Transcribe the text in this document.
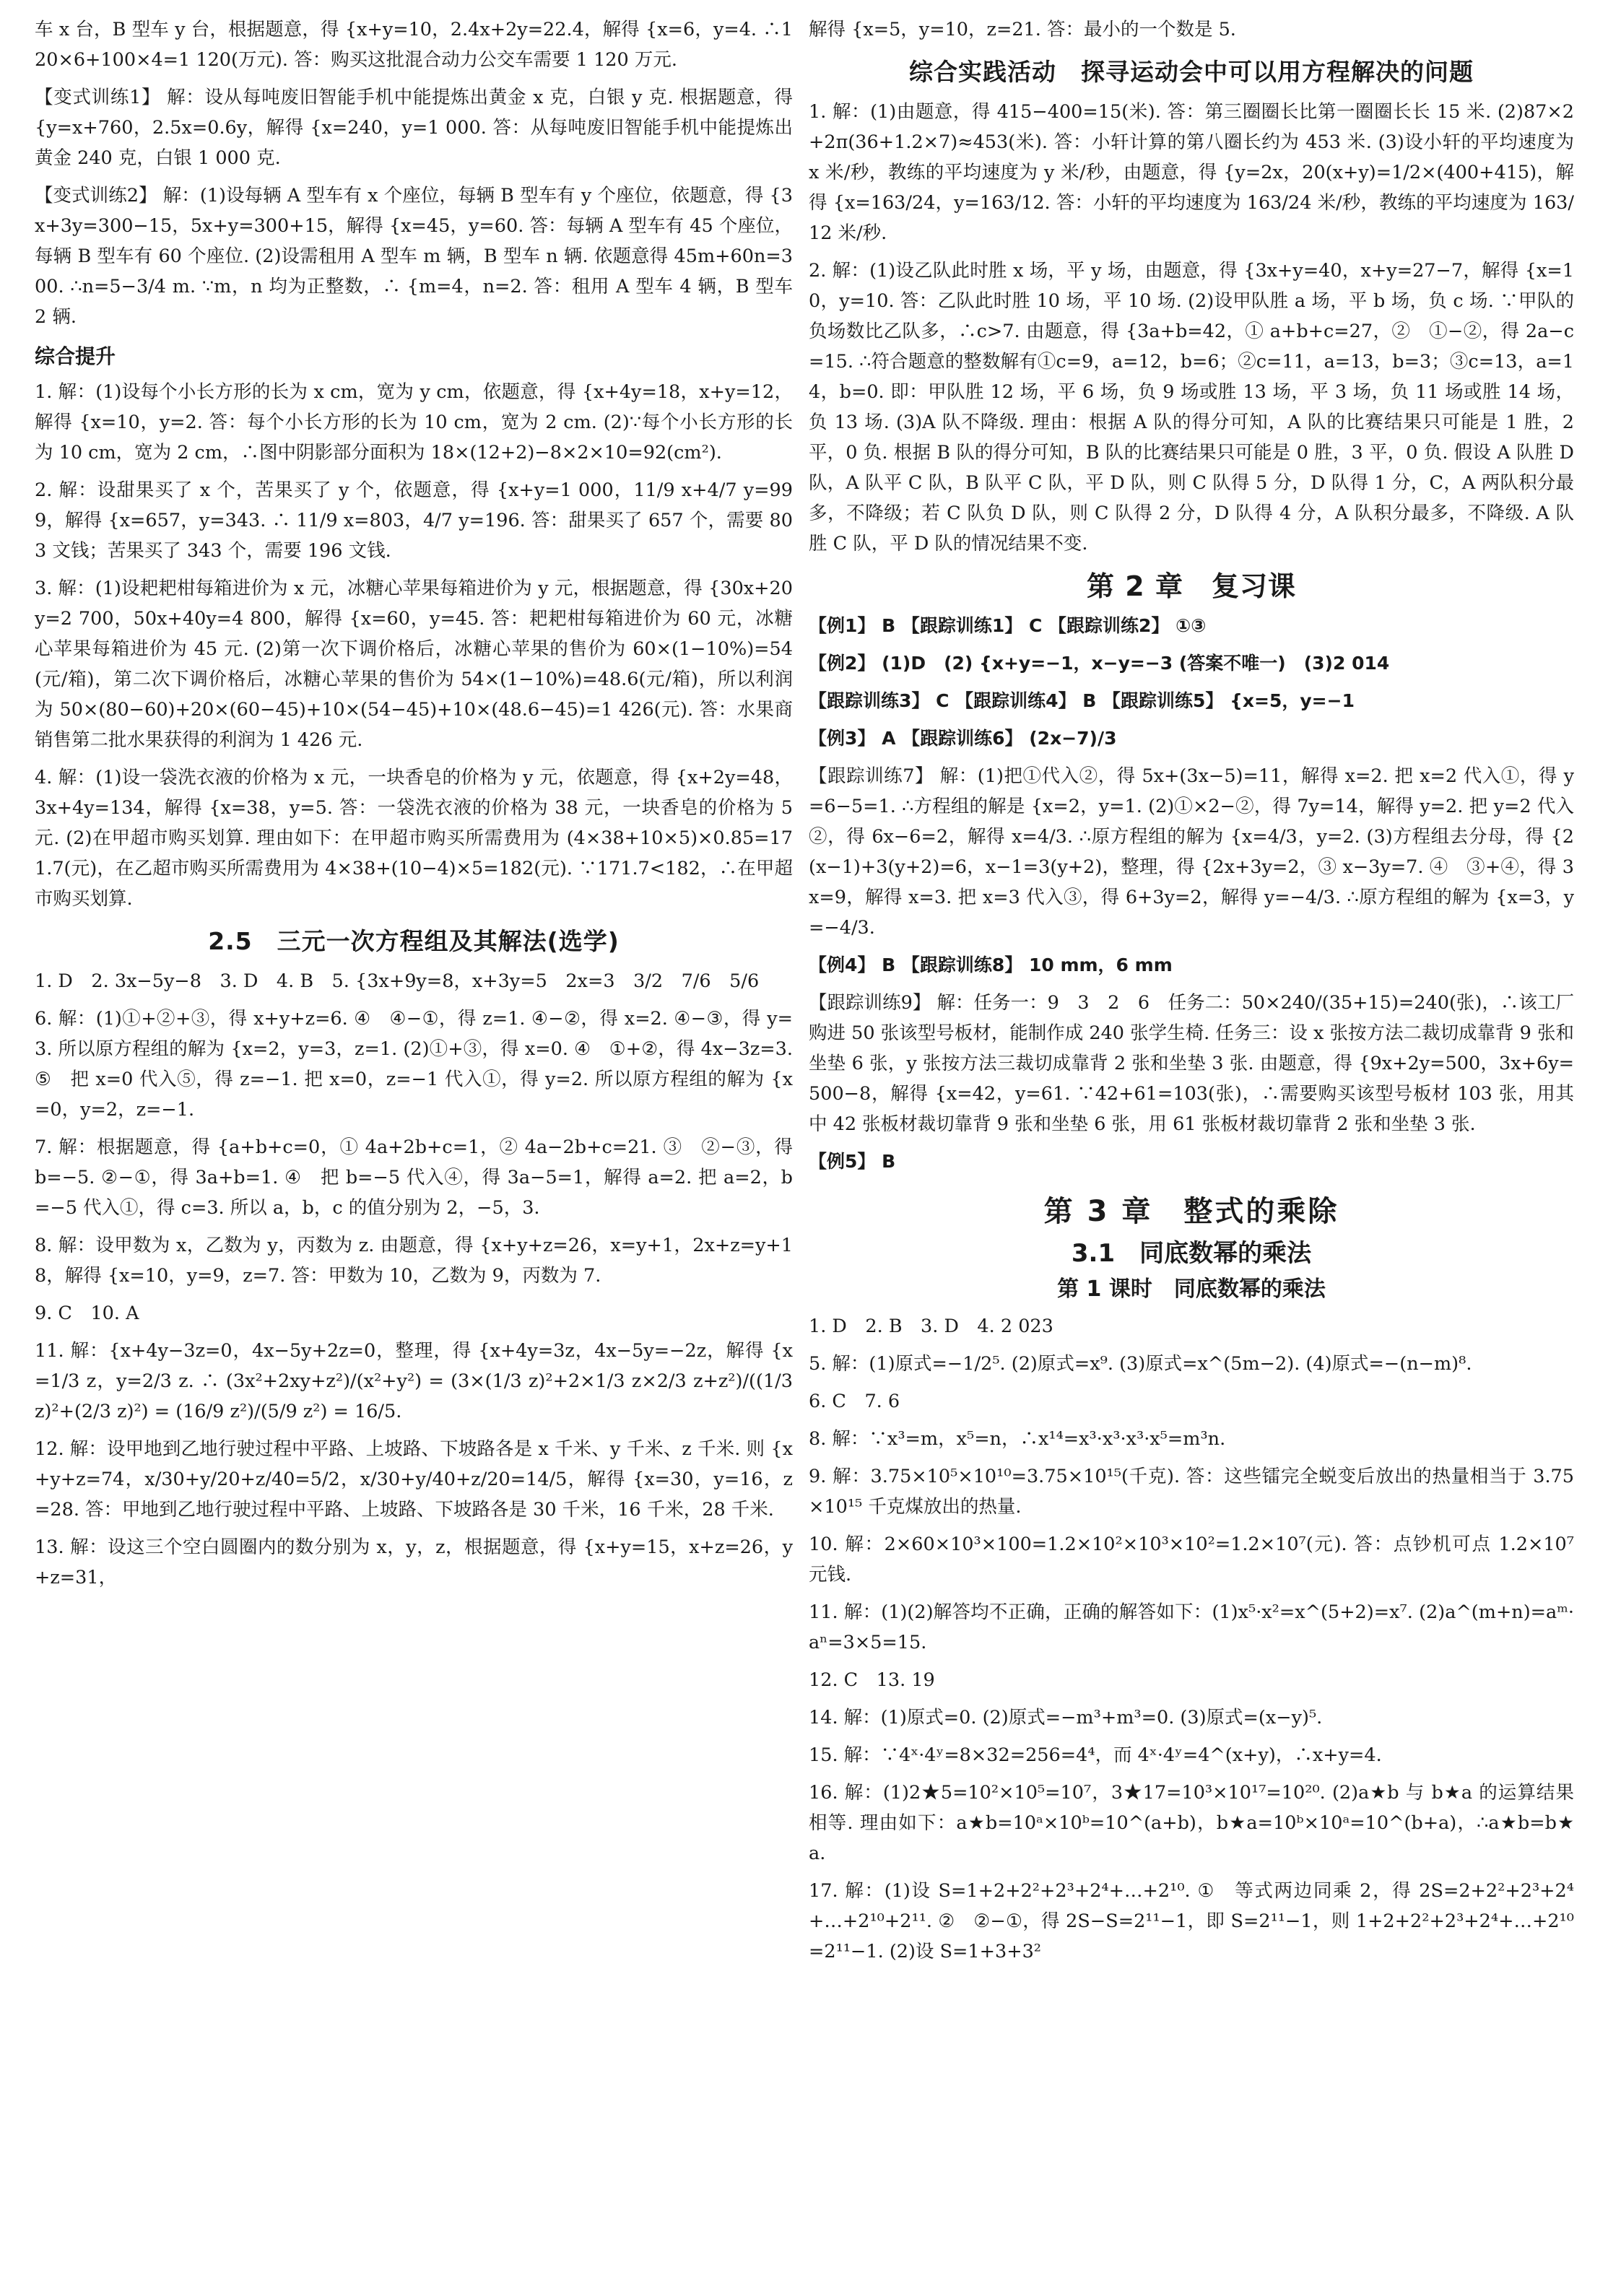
车 x 台，B 型车 y 台，根据题意，得 {x+y=10，2.4x+2y=22.4，解得 {x=6，y=4. ∴120×6+100×4=1 120(万元). 答：购买这批混合动力公交车需要 1 120 万元.

【变式训练1】 解：设从每吨废旧智能手机中能提炼出黄金 x 克，白银 y 克. 根据题意，得 {y=x+760，2.5x=0.6y，解得 {x=240，y=1 000. 答：从每吨废旧智能手机中能提炼出黄金 240 克，白银 1 000 克.

【变式训练2】 解：(1)设每辆 A 型车有 x 个座位，每辆 B 型车有 y 个座位，依题意，得 {3x+3y=300−15，5x+y=300+15，解得 {x=45，y=60. 答：每辆 A 型车有 45 个座位，每辆 B 型车有 60 个座位. (2)设需租用 A 型车 m 辆，B 型车 n 辆. 依题意得 45m+60n=300. ∴n=5−3/4 m. ∵m，n 均为正整数，∴ {m=4，n=2. 答：租用 A 型车 4 辆，B 型车 2 辆.

综合提升

1. 解：(1)设每个小长方形的长为 x cm，宽为 y cm，依题意，得 {x+4y=18，x+y=12，解得 {x=10，y=2. 答：每个小长方形的长为 10 cm，宽为 2 cm. (2)∵每个小长方形的长为 10 cm，宽为 2 cm，∴图中阴影部分面积为 18×(12+2)−8×2×10=92(cm²).

2. 解：设甜果买了 x 个，苦果买了 y 个，依题意，得 {x+y=1 000，11/9 x+4/7 y=999，解得 {x=657，y=343. ∴ 11/9 x=803，4/7 y=196. 答：甜果买了 657 个，需要 803 文钱；苦果买了 343 个，需要 196 文钱.

3. 解：(1)设耙耙柑每箱进价为 x 元，冰糖心苹果每箱进价为 y 元，根据题意，得 {30x+20y=2 700，50x+40y=4 800，解得 {x=60，y=45. 答：耙耙柑每箱进价为 60 元，冰糖心苹果每箱进价为 45 元. (2)第一次下调价格后，冰糖心苹果的售价为 60×(1−10%)=54(元/箱)，第二次下调价格后，冰糖心苹果的售价为 54×(1−10%)=48.6(元/箱)，所以利润为 50×(80−60)+20×(60−45)+10×(54−45)+10×(48.6−45)=1 426(元). 答：水果商销售第二批水果获得的利润为 1 426 元.

4. 解：(1)设一袋洗衣液的价格为 x 元，一块香皂的价格为 y 元，依题意，得 {x+2y=48，3x+4y=134，解得 {x=38，y=5. 答：一袋洗衣液的价格为 38 元，一块香皂的价格为 5 元. (2)在甲超市购买划算. 理由如下：在甲超市购买所需费用为 (4×38+10×5)×0.85=171.7(元)，在乙超市购买所需费用为 4×38+(10−4)×5=182(元). ∵171.7<182，∴在甲超市购买划算.

2.5　三元一次方程组及其解法(选学)

1. D　2. 3x−5y−8　3. D　4. B　5. {3x+9y=8，x+3y=5　2x=3　3/2　7/6　5/6

6. 解：(1)①+②+③，得 x+y+z=6. ④　④−①，得 z=1. ④−②，得 x=2. ④−③，得 y=3. 所以原方程组的解为 {x=2，y=3，z=1. (2)①+③，得 x=0. ④　①+②，得 4x−3z=3. ⑤　把 x=0 代入⑤，得 z=−1. 把 x=0，z=−1 代入①，得 y=2. 所以原方程组的解为 {x=0，y=2，z=−1.

7. 解：根据题意，得 {a+b+c=0，① 4a+2b+c=1，② 4a−2b+c=21. ③　②−③，得 b=−5. ②−①，得 3a+b=1. ④　把 b=−5 代入④，得 3a−5=1，解得 a=2. 把 a=2，b=−5 代入①，得 c=3. 所以 a，b，c 的值分别为 2，−5，3.

8. 解：设甲数为 x，乙数为 y，丙数为 z. 由题意，得 {x+y+z=26，x=y+1，2x+z=y+18，解得 {x=10，y=9，z=7. 答：甲数为 10，乙数为 9，丙数为 7.

9. C　10. A

11. 解：{x+4y−3z=0，4x−5y+2z=0，整理，得 {x+4y=3z，4x−5y=−2z，解得 {x=1/3 z，y=2/3 z. ∴ (3x²+2xy+z²)/(x²+y²) = (3×(1/3 z)²+2×1/3 z×2/3 z+z²)/((1/3 z)²+(2/3 z)²) = (16/9 z²)/(5/9 z²) = 16/5.

12. 解：设甲地到乙地行驶过程中平路、上坡路、下坡路各是 x 千米、y 千米、z 千米. 则 {x+y+z=74，x/30+y/20+z/40=5/2，x/30+y/40+z/20=14/5，解得 {x=30，y=16，z=28. 答：甲地到乙地行驶过程中平路、上坡路、下坡路各是 30 千米，16 千米，28 千米.

13. 解：设这三个空白圆圈内的数分别为 x，y，z，根据题意，得 {x+y=15，x+z=26，y+z=31，

解得 {x=5，y=10，z=21. 答：最小的一个数是 5.

综合实践活动　探寻运动会中可以用方程解决的问题

1. 解：(1)由题意，得 415−400=15(米). 答：第三圈圈长比第一圈圈长长 15 米. (2)87×2+2π(36+1.2×7)≈453(米). 答：小轩计算的第八圈长约为 453 米. (3)设小轩的平均速度为 x 米/秒，教练的平均速度为 y 米/秒，由题意，得 {y=2x，20(x+y)=1/2×(400+415)，解得 {x=163/24，y=163/12. 答：小轩的平均速度为 163/24 米/秒，教练的平均速度为 163/12 米/秒.

2. 解：(1)设乙队此时胜 x 场，平 y 场，由题意，得 {3x+y=40，x+y=27−7，解得 {x=10，y=10. 答：乙队此时胜 10 场，平 10 场. (2)设甲队胜 a 场，平 b 场，负 c 场. ∵甲队的负场数比乙队多，∴c>7. 由题意，得 {3a+b=42，① a+b+c=27，②　①−②，得 2a−c=15. ∴符合题意的整数解有①c=9，a=12，b=6；②c=11，a=13，b=3；③c=13，a=14，b=0. 即：甲队胜 12 场，平 6 场，负 9 场或胜 13 场，平 3 场，负 11 场或胜 14 场，负 13 场. (3)A 队不降级. 理由：根据 A 队的得分可知，A 队的比赛结果只可能是 1 胜，2 平，0 负. 根据 B 队的得分可知，B 队的比赛结果只可能是 0 胜，3 平，0 负. 假设 A 队胜 D 队，A 队平 C 队，B 队平 C 队，平 D 队，则 C 队得 5 分，D 队得 1 分，C，A 两队积分最多，不降级；若 C 队负 D 队，则 C 队得 2 分，D 队得 4 分，A 队积分最多，不降级. A 队胜 C 队，平 D 队的情况结果不变.

第 2 章　复习课

【例1】 B 【跟踪训练1】 C 【跟踪训练2】 ①③

【例2】 (1)D　(2) {x+y=−1，x−y=−3 (答案不唯一)　(3)2 014

【跟踪训练3】 C 【跟踪训练4】 B 【跟踪训练5】 {x=5，y=−1

【例3】 A 【跟踪训练6】 (2x−7)/3

【跟踪训练7】 解：(1)把①代入②，得 5x+(3x−5)=11，解得 x=2. 把 x=2 代入①，得 y=6−5=1. ∴方程组的解是 {x=2，y=1. (2)①×2−②，得 7y=14，解得 y=2. 把 y=2 代入②，得 6x−6=2，解得 x=4/3. ∴原方程组的解为 {x=4/3，y=2. (3)方程组去分母，得 {2(x−1)+3(y+2)=6，x−1=3(y+2)，整理，得 {2x+3y=2，③ x−3y=7. ④　③+④，得 3x=9，解得 x=3. 把 x=3 代入③，得 6+3y=2，解得 y=−4/3. ∴原方程组的解为 {x=3，y=−4/3.

【例4】 B 【跟踪训练8】 10 mm，6 mm

【跟踪训练9】 解：任务一：9　3　2　6　任务二：50×240/(35+15)=240(张)，∴该工厂购进 50 张该型号板材，能制作成 240 张学生椅. 任务三：设 x 张按方法二裁切成靠背 9 张和坐垫 6 张，y 张按方法三裁切成靠背 2 张和坐垫 3 张. 由题意，得 {9x+2y=500，3x+6y=500−8，解得 {x=42，y=61. ∵42+61=103(张)，∴需要购买该型号板材 103 张，用其中 42 张板材裁切靠背 9 张和坐垫 6 张，用 61 张板材裁切靠背 2 张和坐垫 3 张.

【例5】 B

第 3 章　整式的乘除
3.1　同底数幂的乘法
第 1 课时　同底数幂的乘法

1. D　2. B　3. D　4. 2 023

5. 解：(1)原式=−1/2⁵. (2)原式=x⁹. (3)原式=x^(5m−2). (4)原式=−(n−m)⁸.

6. C　7. 6

8. 解：∵x³=m，x⁵=n，∴x¹⁴=x³·x³·x³·x⁵=m³n.

9. 解：3.75×10⁵×10¹⁰=3.75×10¹⁵(千克). 答：这些镭完全蜕变后放出的热量相当于 3.75×10¹⁵ 千克煤放出的热量.

10. 解：2×60×10³×100=1.2×10²×10³×10²=1.2×10⁷(元). 答：点钞机可点 1.2×10⁷ 元钱.

11. 解：(1)(2)解答均不正确，正确的解答如下：(1)x⁵·x²=x^(5+2)=x⁷. (2)a^(m+n)=aᵐ·aⁿ=3×5=15.

12. C　13. 19

14. 解：(1)原式=0. (2)原式=−m³+m³=0. (3)原式=(x−y)⁵.

15. 解：∵4ˣ·4ʸ=8×32=256=4⁴，而 4ˣ·4ʸ=4^(x+y)，∴x+y=4.

16. 解：(1)2★5=10²×10⁵=10⁷，3★17=10³×10¹⁷=10²⁰. (2)a★b 与 b★a 的运算结果相等. 理由如下：a★b=10ᵃ×10ᵇ=10^(a+b)，b★a=10ᵇ×10ᵃ=10^(b+a)，∴a★b=b★a.

17. 解：(1)设 S=1+2+2²+2³+2⁴+…+2¹⁰. ①　等式两边同乘 2，得 2S=2+2²+2³+2⁴+…+2¹⁰+2¹¹. ②　②−①，得 2S−S=2¹¹−1，即 S=2¹¹−1，则 1+2+2²+2³+2⁴+…+2¹⁰=2¹¹−1. (2)设 S=1+3+3²
